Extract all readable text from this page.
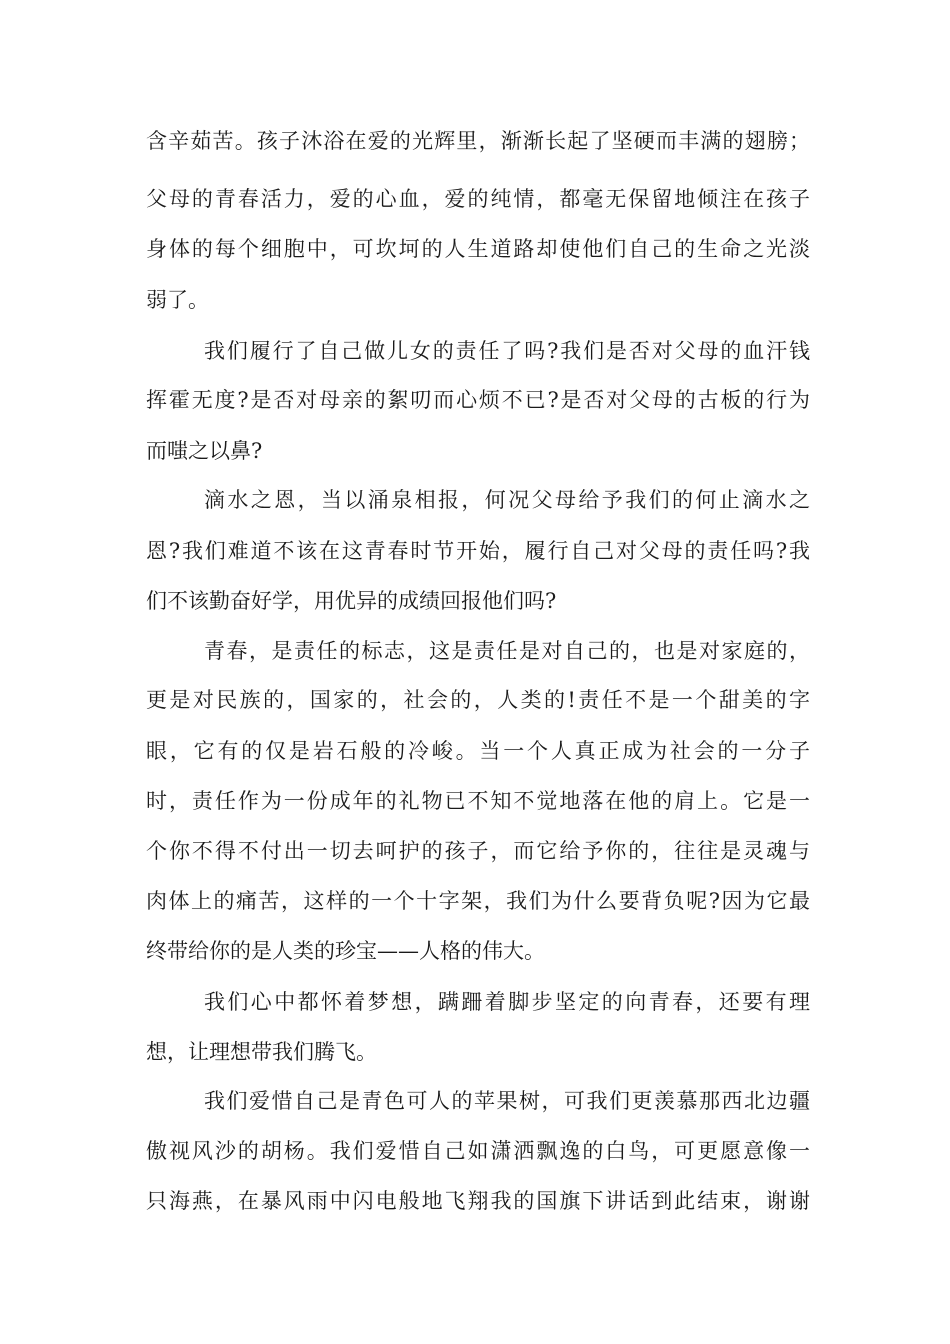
含辛茹苦。孩子沐浴在爱的光辉里，渐渐长起了坚硬而丰满的翅膀；
父母的青春活力，爱的心血，爱的纯情，都毫无保留地倾注在孩子
身体的每个细胞中，可坎坷的人生道路却使他们自己的生命之光淡
弱了。
我们履行了自己做儿女的责任了吗?我们是否对父母的血汗钱
挥霍无度?是否对母亲的絮叨而心烦不已?是否对父母的古板的行为
而嗤之以鼻?
滴水之恩，当以涌泉相报，何况父母给予我们的何止滴水之
恩?我们难道不该在这青春时节开始，履行自己对父母的责任吗?我
们不该勤奋好学，用优异的成绩回报他们吗?
青春，是责任的标志，这是责任是对自己的，也是对家庭的，
更是对民族的，国家的，社会的，人类的!责任不是一个甜美的字
眼，它有的仅是岩石般的冷峻。当一个人真正成为社会的一分子
时，责任作为一份成年的礼物已不知不觉地落在他的肩上。它是一
个你不得不付出一切去呵护的孩子，而它给予你的，往往是灵魂与
肉体上的痛苦，这样的一个十字架，我们为什么要背负呢?因为它最
终带给你的是人类的珍宝——人格的伟大。
我们心中都怀着梦想，蹒跚着脚步坚定的向青春，还要有理
想，让理想带我们腾飞。
我们爱惜自己是青色可人的苹果树，可我们更羡慕那西北边疆
傲视风沙的胡杨。我们爱惜自己如潇洒飘逸的白鸟，可更愿意像一
只海燕，在暴风雨中闪电般地飞翔我的国旗下讲话到此结束，谢谢
